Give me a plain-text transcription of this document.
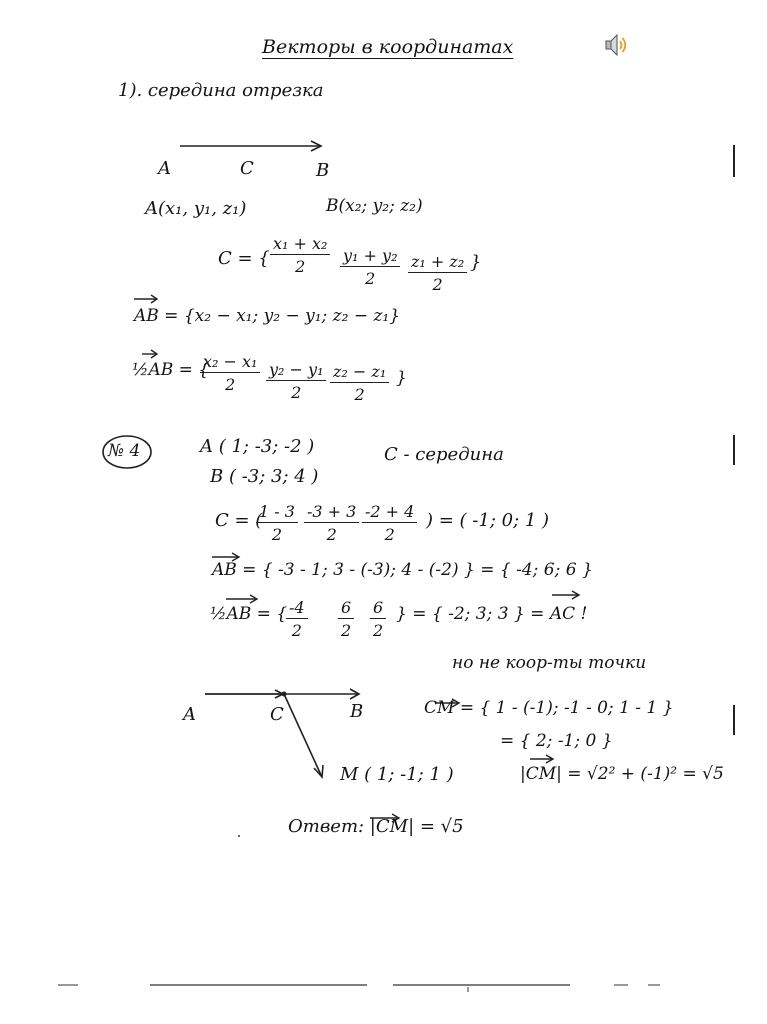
Векторы в координатах
1). середина отрезка
A	C	B
A(x₁, y₁, z₁)	B(x₂; y₂; z₂)
C = { $\frac{\text{x₁ + x₂}}{2} \frac{\text{y₁ + y₂}}{2} \frac{\text{z₁ + z₂}}{2}$ }
AB = {x₂ − x₁; y₂ − y₁; z₂ − z₁}
½AB = {
$\frac{\text{x₂ − x₁}}{2} \frac{\text{y₂ − y₁}}{2} \frac{\text{z₂ − z₁}}{2}$ }
№ 4	A ( 1; -3; -2 )
B ( -3; 3; 4 )
C - середина
C = (
$\frac{1 - 3}{2} \frac{-3 + 3}{2} \frac{-2 + 4}{2}$ ) = ( -1; 0; 1 )
AB = { -3 - 1; 3 - (-3); 4 - (-2) } = { -4; 6; 6 }
½AB = {
$\frac{-4}{2} \frac{6}{2} \frac{6}{2}$ } = { -2; 3; 3 } = AC !
но не коор-ты точки
A	C	B
M ( 1; -1; 1 )
CM = { 1 - (-1); -1 - 0; 1 - 1 }
= { 2; -1; 0 }
|CM| = √2² + (-1)² = √5
Ответ: |CM| = √5
